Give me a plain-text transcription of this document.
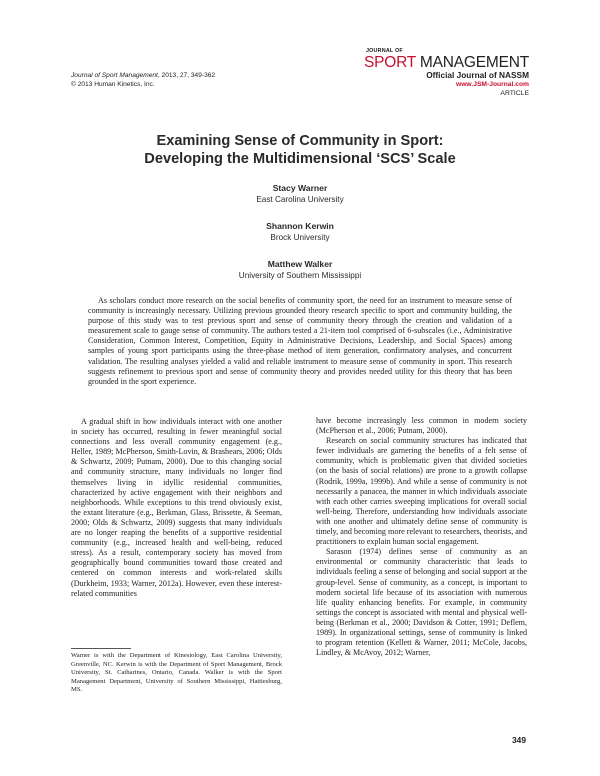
Journal of Sport Management, 2013, 27, 349-362
© 2013 Human Kinetics, Inc.
JOURNAL OF
SPORT MANAGEMENT
Official Journal of NASSM
www.JSM-Journal.com
ARTICLE
Examining Sense of Community in Sport:
Developing the Multidimensional ‘SCS’ Scale
Stacy Warner
East Carolina University
Shannon Kerwin
Brock University
Matthew Walker
University of Southern Mississippi
As scholars conduct more research on the social benefits of community sport, the need for an instrument to measure sense of community is increasingly necessary. Utilizing previous grounded theory research specific to sport and community building, the purpose of this study was to test previous sport and sense of community theory through the creation and validation of a measurement scale to gauge sense of community. The authors tested a 21-item tool comprised of 6-subscales (i.e., Administrative Consideration, Common Interest, Competition, Equity in Administrative Decisions, Leadership, and Social Spaces) among samples of young sport participants using the three-phase method of item generation, confirmatory analyses, and concurrent validation. The resulting analyses yielded a valid and reliable instrument to measure sense of community in sport. This research suggests refinement to previous sport and sense of community theory and provides needed utility for this theory that has been grounded in the sport experience.

A gradual shift in how individuals interact with one another in society has occurred, resulting in fewer meaningful social connections and less overall community engagement (e.g., Heller, 1989; McPherson, Smith-Lovin, & Brashears, 2006; Olds & Schwartz, 2009; Putnam, 2000). Due to this changing social and community structure, many individuals no longer find themselves living in idyllic residential communities, characterized by active engagement with their neighbors and neighborhoods. While exceptions to this trend obviously exist, the extant literature (e.g., Berkman, Glass, Brissette, & Seeman, 2000; Olds & Schwartz, 2009) suggests that many individuals are no longer reaping the benefits of a supportive residential community (e.g., increased health and well-being, reduced stress). As a result, contemporary society has moved from geographically bound communities toward those created and centered on common interests and work-related skills (Durkheim, 1933; Warner, 2012a). However, even these interest-related communities

have become increasingly less common in modern society (McPherson et al., 2006; Putnam, 2000).

Research on social community structures has indicated that fewer individuals are garnering the benefits of a felt sense of community, which is problematic given that divided societies (on the basis of social relations) are prone to a growth collapse (Rodrik, 1999a, 1999b). And while a sense of community is not necessarily a panacea, the manner in which individuals associate with each other carries sweeping implications for overall social well-being. Therefore, understanding how individuals associate with one another and ultimately define sense of community is timely, and becoming more relevant to researchers, theorists, and practitioners to explain human social engagement.

Sarason (1974) defines sense of community as an environmental or community characteristic that leads to individuals feeling a sense of belonging and social support at the group-level. Sense of community, as a concept, is important to modern societal life because of its association with numerous life quality enhancing benefits. For example, in community settings the concept is associated with mental and physical well-being (Berkman et al., 2000; Davidson & Cotter, 1991; Deflem, 1989). In organizational settings, sense of community is linked to program retention (Kellett & Warner, 2011; McCole, Jacobs, Lindley, & McAvoy, 2012; Warner,

Warner is with the Department of Kinesiology, East Carolina University, Greenville, NC. Kerwin is with the Department of Sport Management, Brock University, St. Catharines, Ontario, Canada. Walker is with the Sport Management Department, University of Southern Mississippi, Hattiesburg, MS.
349
